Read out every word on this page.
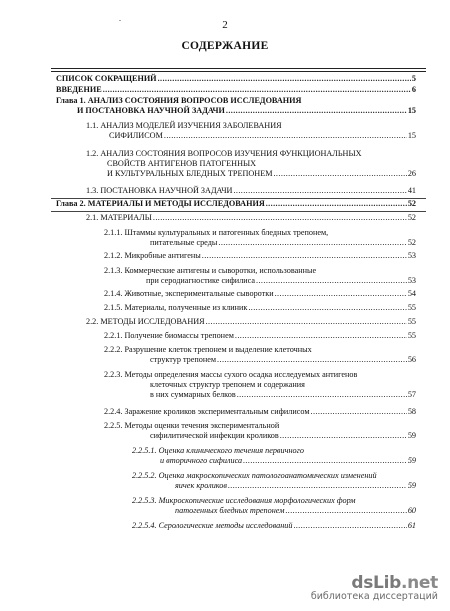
.
2
СОДЕРЖАНИЕ
СПИСОК СОКРАЩЕНИЙ .....	5
ВВЕДЕНИЕ .....	6
Глава 1. АНАЛИЗ СОСТОЯНИЯ ВОПРОСОВ ИССЛЕДОВАНИЯ
И ПОСТАНОВКА НАУЧНОЙ ЗАДАЧИ .....	15
1.1. АНАЛИЗ МОДЕЛЕЙ ИЗУЧЕНИЯ ЗАБОЛЕВАНИЯ
СИФИЛИСОМ .....	15
1.2. АНАЛИЗ СОСТОЯНИЯ ВОПРОСОВ ИЗУЧЕНИЯ ФУНКЦИОНАЛЬНЫХ
СВОЙСТВ АНТИГЕНОВ ПАТОГЕННЫХ
И КУЛЬТУРАЛЬНЫХ БЛЕДНЫХ ТРЕПОНЕМ .....	26
1.3. ПОСТАНОВКА НАУЧНОЙ ЗАДАЧИ .....	41
Глава 2. МАТЕРИАЛЫ И МЕТОДЫ ИССЛЕДОВАНИЯ .....	52
2.1. МАТЕРИАЛЫ .....	52
2.1.1. Штаммы культуральных и патогенных бледных трепонем,
питательные среды .....	52
2.1.2. Микробные антигены .....	53
2.1.3. Коммерческие антигены и сыворотки, использованные
при серодиагностике сифилиса .....	53
2.1.4. Животные, экспериментальные сыворотки .....	54
2.1.5. Материалы, полученные из клиник .....	55
2.2. МЕТОДЫ ИССЛЕДОВАНИЯ .....	55
2.2.1. Получение биомассы трепонем .....	55
2.2.2. Разрушение клеток трепонем и выделение клеточных
структур трепонем .....	56
2.2.3. Методы определения массы сухого осадка исследуемых антигенов
клеточных структур трепонем и содержания
в них суммарных белков .....	57
2.2.4. Заражение кроликов экспериментальным сифилисом .....	58
2.2.5. Методы оценки течения экспериментальной
сифилитической инфекции кроликов .....	59
2.2.5.1. Оценка клинического течения первичного
и вторичного сифилиса .....	59
2.2.5.2. Оценка макроскопических патологоанатомических изменений
яичек кроликов .....	59
2.2.5.3. Микроскопические исследования морфологических форм
патогенных бледных трепонем .....	60
2.2.5.4. Серологические методы исследований .....	61
dsLib.net
библиотека диссертаций
